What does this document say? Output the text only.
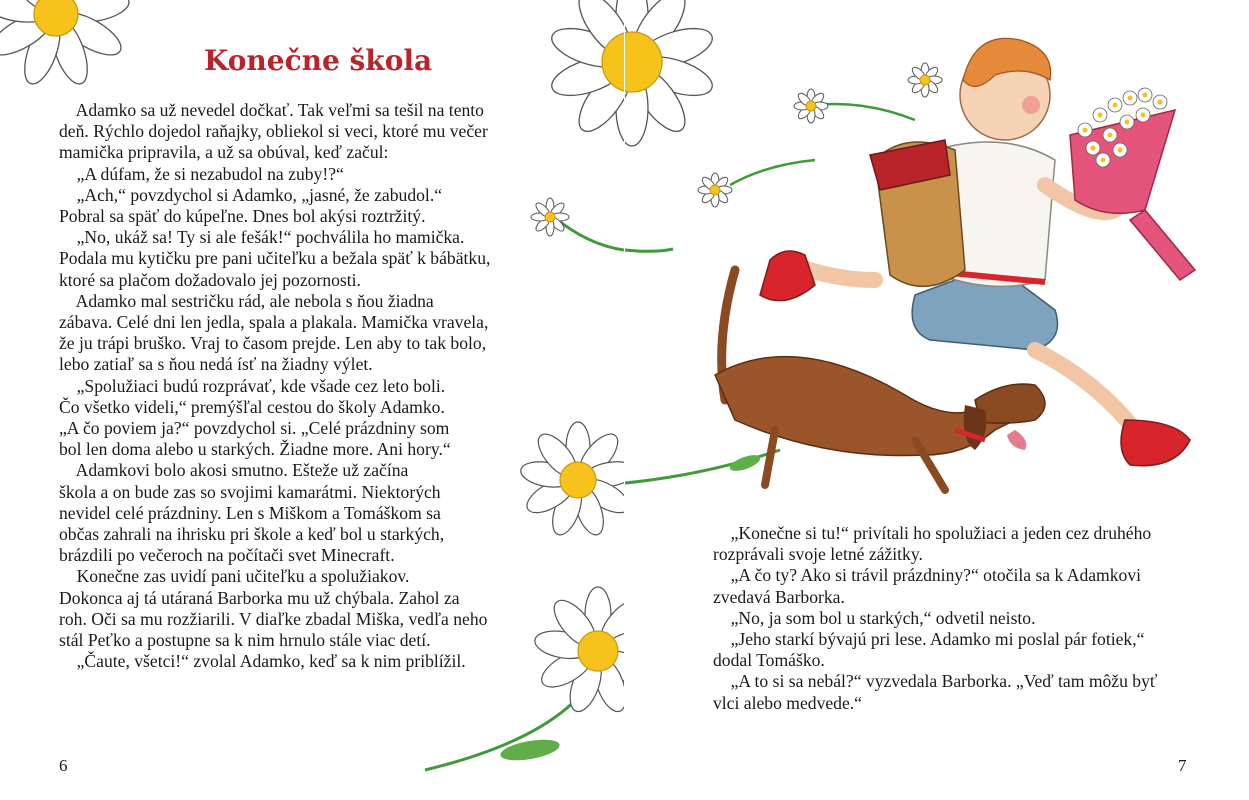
Konečne škola

Adamko sa už nevedel dočkať. Tak veľmi sa tešil na tento

deň. Rýchlo dojedol raňajky, obliekol si veci, ktoré mu večer

mamička pripravila, a už sa obúval, keď začul:

„A dúfam, že si nezabudol na zuby!?“

„Ach,“ povzdychol si Adamko, „jasné, že zabudol.“

Pobral sa späť do kúpeľne. Dnes bol akýsi roztržitý.

„No, ukáž sa! Ty si ale fešák!“ pochválila ho mamička.

Podala mu kytičku pre pani učiteľku a bežala späť k bábätku,

ktoré sa plačom dožadovalo jej pozornosti.

Adamko mal sestričku rád, ale nebola s ňou žiadna

zábava. Celé dni len jedla, spala a plakala. Mamička vravela,

že ju trápi bruško. Vraj to časom prejde. Len aby to tak bolo,

lebo zatiaľ sa s ňou nedá ísť na žiadny výlet.

„Spolužiaci budú rozprávať, kde všade cez leto boli.

Čo všetko videli,“ premýšľal cestou do školy Adamko.

„A čo poviem ja?“ povzdychol si. „Celé prázdniny som

bol len doma alebo u starkých. Žiadne more. Ani hory.“

Adamkovi bolo akosi smutno. Ešteže už začína

škola a on bude zas so svojimi kamarátmi. Niektorých

nevidel celé prázdniny. Len s Miškom a Tomáškom sa

občas zahrali na ihrisku pri škole a keď bol u starkých,

brázdili po večeroch na počítači svet Minecraft.

Konečne zas uvidí pani učiteľku a spolužiakov.

Dokonca aj tá utáraná Barborka mu už chýbala. Zahol za

roh. Oči sa mu rozžiarili. V diaľke zbadal Miška, vedľa neho

stál Peťko a postupne sa k nim hrnulo stále viac detí.

„Čaute, všetci!“ zvolal Adamko, keď sa k nim priblížil.

6

„Konečne si tu!“ privítali ho spolužiaci a jeden cez druhého

rozprávali svoje letné zážitky.

„A čo ty? Ako si trávil prázdniny?“ otočila sa k Adamkovi

zvedavá Barborka.

„No, ja som bol u starkých,“ odvetil neisto.

„Jeho starkí bývajú pri lese. Adamko mi poslal pár fotiek,“

dodal Tomáško.

„A to si sa nebál?“ vyzvedala Barborka. „Veď tam môžu byť

vlci alebo medvede.“

7
